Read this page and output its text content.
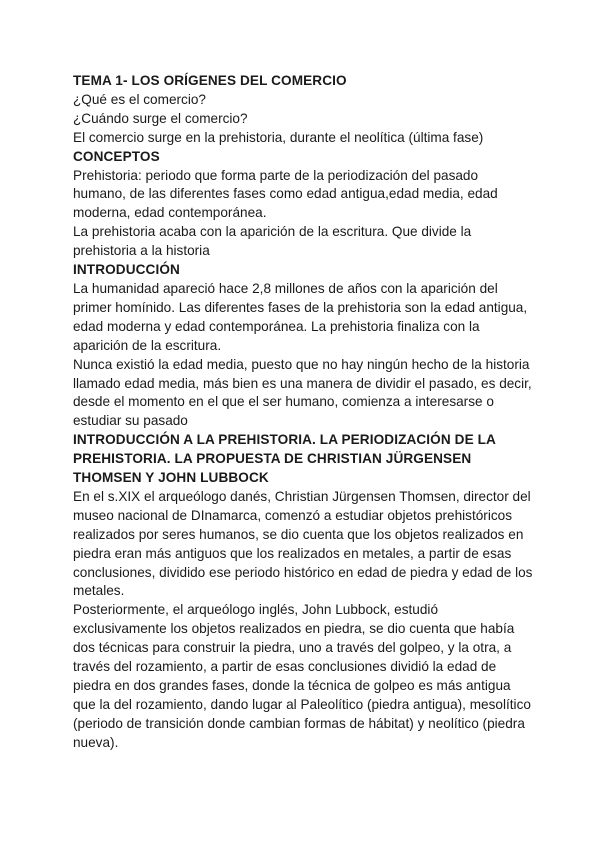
TEMA 1- LOS ORÍGENES DEL COMERCIO

¿Qué es el comercio?

¿Cuándo surge el comercio?

El comercio surge en la prehistoria, durante el neolítica (última fase)

CONCEPTOS

Prehistoria: periodo que forma parte de la periodización del pasado humano, de las diferentes fases como edad antigua,edad media, edad moderna, edad contemporánea.

La prehistoria acaba con la aparición de la escritura. Que divide la prehistoria a la historia

INTRODUCCIÓN

La humanidad apareció hace 2,8 millones de años con la aparición del primer homínido. Las diferentes fases de la prehistoria son la edad antigua, edad moderna y edad contemporánea. La prehistoria finaliza con la aparición de la escritura.

Nunca existió la edad media, puesto que no hay ningún hecho de la historia llamado edad media, más bien es una manera de dividir el pasado, es decir, desde el momento en el que el ser humano, comienza a interesarse o estudiar su pasado

INTRODUCCIÓN A LA PREHISTORIA. LA PERIODIZACIÓN DE LA PREHISTORIA. LA PROPUESTA DE CHRISTIAN JÜRGENSEN THOMSEN Y JOHN LUBBOCK

En el s.XIX el arqueólogo danés, Christian Jürgensen Thomsen, director del museo nacional de DInamarca, comenzó a estudiar objetos prehistóricos realizados por seres humanos, se dio cuenta que los objetos realizados en piedra eran más antiguos que los realizados en metales, a partir de esas conclusiones, dividido ese periodo histórico en edad de piedra y edad de los metales.

Posteriormente, el arqueólogo inglés, John Lubbock, estudió exclusivamente los objetos realizados en piedra, se dio cuenta que había dos técnicas para construir la piedra, uno a través del golpeo, y la otra, a través del rozamiento, a partir de esas conclusiones dividió la edad de piedra en dos grandes fases, donde la técnica de golpeo es más antigua que la del rozamiento, dando lugar al Paleolítico (piedra antigua), mesolítico (periodo de transición donde cambian formas de hábitat) y neolítico (piedra nueva).
